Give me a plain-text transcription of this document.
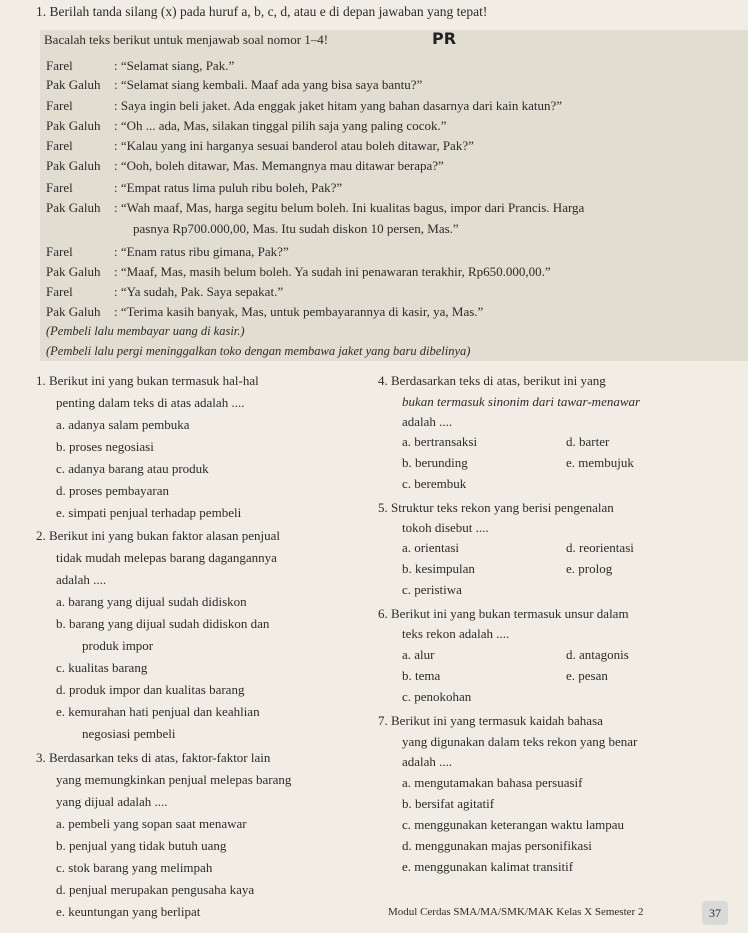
1. Berilah tanda silang (x) pada huruf a, b, c, d, atau e di depan jawaban yang tepat!
Bacalah teks berikut untuk menjawab soal nomor 1–4!	PR
Farel	: “Selamat siang, Pak.”
Pak Galuh : “Selamat siang kembali. Maaf ada yang bisa saya bantu?”
Farel	: Saya ingin beli jaket. Ada enggak jaket hitam yang bahan dasarnya dari kain katun?”
Pak Galuh : “Oh ... ada, Mas, silakan tinggal pilih saja yang paling cocok.”
Farel	: “Kalau yang ini harganya sesuai banderol atau boleh ditawar, Pak?”
Pak Galuh : “Ooh, boleh ditawar, Mas. Memangnya mau ditawar berapa?”
Farel	: “Empat ratus lima puluh ribu boleh, Pak?”
Pak Galuh : “Wah maaf, Mas, harga segitu belum boleh. Ini kualitas bagus, impor dari Prancis. Harga
pasnya Rp700.000,00, Mas. Itu sudah diskon 10 persen, Mas.”
Farel	: “Enam ratus ribu gimana, Pak?”
Pak Galuh : “Maaf, Mas, masih belum boleh. Ya sudah ini penawaran terakhir, Rp650.000,00.”
Farel	: “Ya sudah, Pak. Saya sepakat.”
Pak Galuh : “Terima kasih banyak, Mas, untuk pembayarannya di kasir, ya, Mas.”
(Pembeli lalu membayar uang di kasir.)
(Pembeli lalu pergi meninggalkan toko dengan membawa jaket yang baru dibelinya)
1. Berikut ini yang bukan termasuk hal-hal
penting dalam teks di atas adalah ....
a. adanya salam pembuka
b. proses negosiasi
c. adanya barang atau produk
d. proses pembayaran
e. simpati penjual terhadap pembeli
2. Berikut ini yang bukan faktor alasan penjual
tidak mudah melepas barang dagangannya
adalah ....
a. barang yang dijual sudah didiskon
b. barang yang dijual sudah didiskon dan
produk impor
c. kualitas barang
d. produk impor dan kualitas barang
e. kemurahan hati penjual dan keahlian
negosiasi pembeli
3. Berdasarkan teks di atas, faktor-faktor lain
yang memungkinkan penjual melepas barang
yang dijual adalah ....
a. pembeli yang sopan saat menawar
b. penjual yang tidak butuh uang
c. stok barang yang melimpah
d. penjual merupakan pengusaha kaya
e. keuntungan yang berlipat
4. Berdasarkan teks di atas, berikut ini yang
bukan termasuk sinonim dari tawar-menawar
adalah ....
a. bertransaksi	d. barter
b. berunding	e. membujuk
c. berembuk
5. Struktur teks rekon yang berisi pengenalan
tokoh disebut ....
a. orientasi	d. reorientasi
b. kesimpulan	e. prolog
c. peristiwa
6. Berikut ini yang bukan termasuk unsur dalam
teks rekon adalah ....
a. alur	d. antagonis
b. tema	e. pesan
c. penokohan
7. Berikut ini yang termasuk kaidah bahasa
yang digunakan dalam teks rekon yang benar
adalah ....
a. mengutamakan bahasa persuasif
b. bersifat agitatif
c. menggunakan keterangan waktu lampau
d. menggunakan majas personifikasi
e. menggunakan kalimat transitif
Modul Cerdas SMA/MA/SMK/MAK Kelas X Semester 2	37
